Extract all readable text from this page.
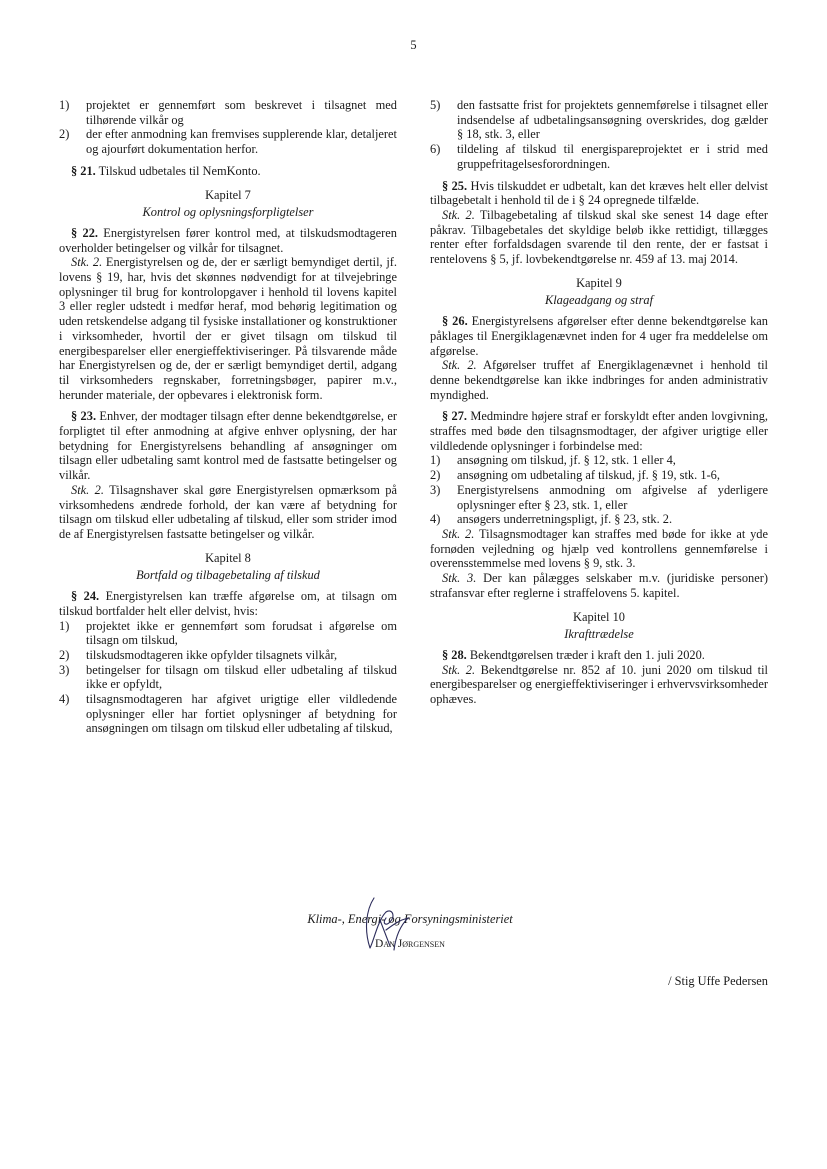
5
1) projektet er gennemført som beskrevet i tilsagnet med tilhørende vilkår og
2) der efter anmodning kan fremvises supplerende klar, detaljeret og ajourført dokumentation herfor.

§ 21. Tilskud udbetales til NemKonto.

Kapitel 7

Kontrol og oplysningsforpligtelser

§ 22. Energistyrelsen fører kontrol med, at tilskudsmodtageren overholder betingelser og vilkår for tilsagnet.

Stk. 2. Energistyrelsen og de, der er særligt bemyndiget dertil, jf. lovens § 19, har, hvis det skønnes nødvendigt for at tilvejebringe oplysninger til brug for kontrolopgaver i henhold til lovens kapitel 3 eller regler udstedt i medfør heraf, mod behørig legitimation og uden retskendelse adgang til fysiske installationer og konstruktioner i virksomheder, hvortil der er givet tilsagn om tilskud til energibesparelser eller energieffektiviseringer. På tilsvarende måde har Energistyrelsen og de, der er særligt bemyndiget dertil, adgang til virksomheders regnskaber, forretningsbøger, papirer m.v., herunder materiale, der opbevares i elektronisk form.

§ 23. Enhver, der modtager tilsagn efter denne bekendtgørelse, er forpligtet til efter anmodning at afgive enhver oplysning, der har betydning for Energistyrelsens behandling af ansøgninger om tilsagn eller udbetaling samt kontrol med de fastsatte betingelser og vilkår.

Stk. 2. Tilsagnshaver skal gøre Energistyrelsen opmærksom på virksomhedens ændrede forhold, der kan være af betydning for tilsagn om tilskud eller udbetaling af tilskud, eller som strider imod de af Energistyrelsen fastsatte betingelser og vilkår.

Kapitel 8

Bortfald og tilbagebetaling af tilskud

§ 24. Energistyrelsen kan træffe afgørelse om, at tilsagn om tilskud bortfalder helt eller delvist, hvis:

1) projektet ikke er gennemført som forudsat i afgørelse om tilsagn om tilskud,
2) tilskudsmodtageren ikke opfylder tilsagnets vilkår,
3) betingelser for tilsagn om tilskud eller udbetaling af tilskud ikke er opfyldt,
4) tilsagnsmodtageren har afgivet urigtige eller vildledende oplysninger eller har fortiet oplysninger af betydning for ansøgningen om tilsagn om tilskud eller udbetaling af tilskud,
5) den fastsatte frist for projektets gennemførelse i tilsagnet eller indsendelse af udbetalingsansøgning overskrides, dog gælder § 18, stk. 3, eller
6) tildeling af tilskud til energispareprojektet er i strid med gruppefritagelsesforordningen.

§ 25. Hvis tilskuddet er udbetalt, kan det kræves helt eller delvist tilbagebetalt i henhold til de i § 24 opregnede tilfælde.

Stk. 2. Tilbagebetaling af tilskud skal ske senest 14 dage efter påkrav. Tilbagebetales det skyldige beløb ikke rettidigt, tillægges renter efter forfaldsdagen svarende til den rente, der er fastsat i rentelovens § 5, jf. lovbekendtgørelse nr. 459 af 13. maj 2014.

Kapitel 9

Klageadgang og straf

§ 26. Energistyrelsens afgørelser efter denne bekendtgørelse kan påklages til Energiklagenævnet inden for 4 uger fra meddelelse om afgørelse.

Stk. 2. Afgørelser truffet af Energiklagenævnet i henhold til denne bekendtgørelse kan ikke indbringes for anden administrativ myndighed.

§ 27. Medmindre højere straf er forskyldt efter anden lovgivning, straffes med bøde den tilsagnsmodtager, der afgiver urigtige eller vildledende oplysninger i forbindelse med:

1) ansøgning om tilskud, jf. § 12, stk. 1 eller 4,
2) ansøgning om udbetaling af tilskud, jf. § 19, stk. 1-6,
3) Energistyrelsens anmodning om afgivelse af yderligere oplysninger efter § 23, stk. 1, eller
4) ansøgers underretningspligt, jf. § 23, stk. 2.

Stk. 2. Tilsagnsmodtager kan straffes med bøde for ikke at yde fornøden vejledning og hjælp ved kontrollens gennemførelse i overensstemmelse med lovens § 9, stk. 3.

Stk. 3. Der kan pålægges selskaber m.v. (juridiske personer) strafansvar efter reglerne i straffelovens 5. kapitel.

Kapitel 10

Ikrafttrædelse

§ 28. Bekendtgørelsen træder i kraft den 1. juli 2020.

Stk. 2. Bekendtgørelse nr. 852 af 10. juni 2020 om tilskud til energibesparelser og energieffektiviseringer i erhvervsvirksomheder ophæves.

Klima-, Energi- og Forsyningsministeriet
Dan Jørgensen
/ Stig Uffe Pedersen
